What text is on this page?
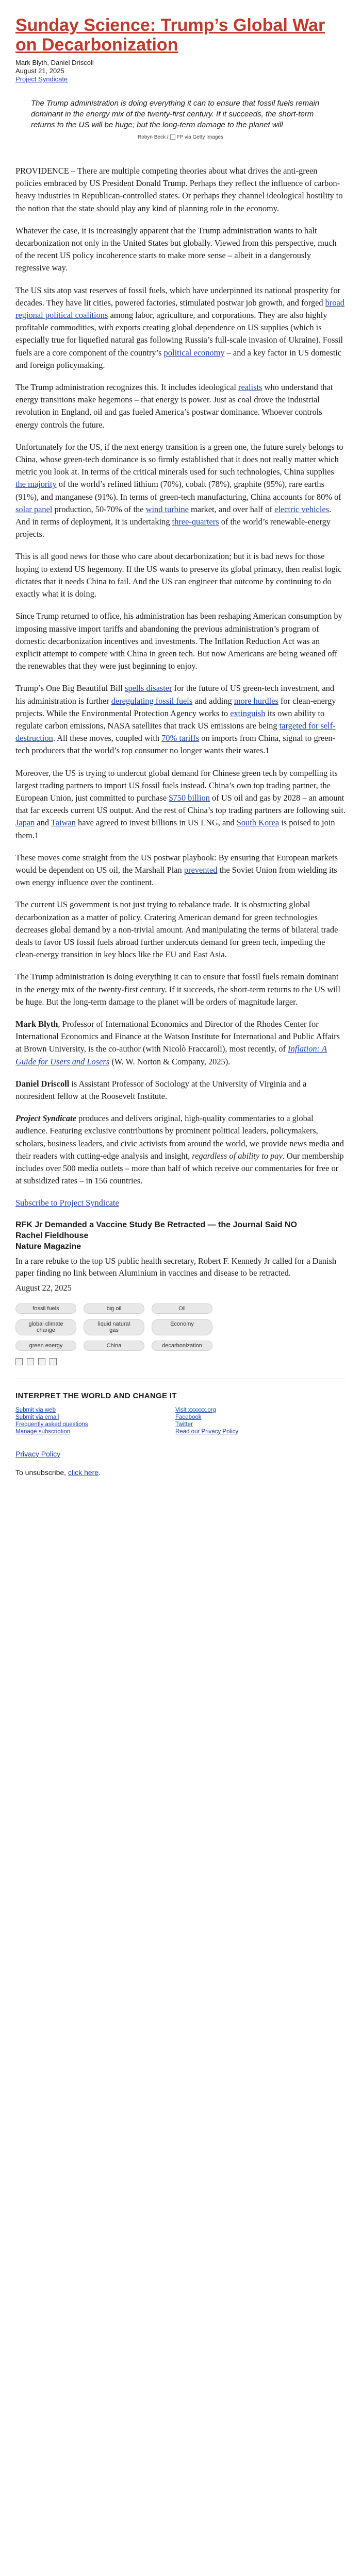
Sunday Science: Trump’s Global War on Decarbonization
Mark Blyth, Daniel Driscoll
August 21, 2025
Project Syndicate
The Trump administration is doing everything it can to ensure that fossil fuels remain dominant in the energy mix of the twenty-first century. If it succeeds, the short-term returns to the US will be huge; but the long-term damage to the planet will
Robyn Beck / FP via Getty Images

PROVIDENCE – There are multiple competing theories about what drives the anti-green policies embraced by US President Donald Trump. Perhaps they reflect the influence of carbon-heavy industries in Republican-controlled states. Or perhaps they channel ideological hostility to the notion that the state should play any kind of planning role in the economy.

Whatever the case, it is increasingly apparent that the Trump administration wants to halt decarbonization not only in the United States but globally. Viewed from this perspective, much of the recent US policy incoherence starts to make more sense – albeit in a dangerously regressive way.

The US sits atop vast reserves of fossil fuels, which have underpinned its national prosperity for decades. They have lit cities, powered factories, stimulated postwar job growth, and forged broad regional political coalitions among labor, agriculture, and corporations. They are also highly profitable commodities, with exports creating global dependence on US supplies (which is especially true for liquefied natural gas following Russia’s full-scale invasion of Ukraine). Fossil fuels are a core component of the country’s political economy – and a key factor in US domestic and foreign policymaking.

The Trump administration recognizes this. It includes ideological realists who understand that energy transitions make hegemons – that energy is power. Just as coal drove the industrial revolution in England, oil and gas fueled America’s postwar dominance. Whoever controls energy controls the future.

Unfortunately for the US, if the next energy transition is a green one, the future surely belongs to China, whose green-tech dominance is so firmly established that it does not really matter which metric you look at. In terms of the critical minerals used for such technologies, China supplies the majority of the world’s refined lithium (70%), cobalt (78%), graphite (95%), rare earths (91%), and manganese (91%). In terms of green-tech manufacturing, China accounts for 80% of solar panel production, 50-70% of the wind turbine market, and over half of electric vehicles. And in terms of deployment, it is undertaking three-quarters of the world’s renewable-energy projects.

This is all good news for those who care about decarbonization; but it is bad news for those hoping to extend US hegemony. If the US wants to preserve its global primacy, then realist logic dictates that it needs China to fail. And the US can engineer that outcome by continuing to do exactly what it is doing.

Since Trump returned to office, his administration has been reshaping American consumption by imposing massive import tariffs and abandoning the previous administration’s program of domestic decarbonization incentives and investments. The Inflation Reduction Act was an explicit attempt to compete with China in green tech. But now Americans are being weaned off the renewables that they were just beginning to enjoy.

Trump’s One Big Beautiful Bill spells disaster for the future of US green-tech investment, and his administration is further deregulating fossil fuels and adding more hurdles for clean-energy projects. While the Environmental Protection Agency works to extinguish its own ability to regulate carbon emissions, NASA satellites that track US emissions are being targeted for self-destruction. All these moves, coupled with 70% tariffs on imports from China, signal to green-tech producers that the world’s top consumer no longer wants their wares.1

Moreover, the US is trying to undercut global demand for Chinese green tech by compelling its largest trading partners to import US fossil fuels instead. China’s own top trading partner, the European Union, just committed to purchase $750 billion of US oil and gas by 2028 – an amount that far exceeds current US output. And the rest of China’s top trading partners are following suit. Japan and Taiwan have agreed to invest billions in US LNG, and South Korea is poised to join them.1

These moves come straight from the US postwar playbook: By ensuring that European markets would be dependent on US oil, the Marshall Plan prevented the Soviet Union from wielding its own energy influence over the continent.

The current US government is not just trying to rebalance trade. It is obstructing global decarbonization as a matter of policy. Cratering American demand for green technologies decreases global demand by a non-trivial amount. And manipulating the terms of bilateral trade deals to favor US fossil fuels abroad further undercuts demand for green tech, impeding the clean-energy transition in key blocs like the EU and East Asia.

The Trump administration is doing everything it can to ensure that fossil fuels remain dominant in the energy mix of the twenty-first century. If it succeeds, the short-term returns to the US will be huge. But the long-term damage to the planet will be orders of magnitude larger.

Mark Blyth, Professor of International Economics and Director of the Rhodes Center for International Economics and Finance at the Watson Institute for International and Public Affairs at Brown University, is the co-author (with Nicolò Fraccaroli), most recently, of Inflation: A Guide for Users and Losers (W. W. Norton & Company, 2025).

Daniel Driscoll is Assistant Professor of Sociology at the University of Virginia and a nonresident fellow at the Roosevelt Institute.

Project Syndicate produces and delivers original, high-quality commentaries to a global audience. Featuring exclusive contributions by prominent political leaders, policymakers, scholars, business leaders, and civic activists from around the world, we provide news media and their readers with cutting-edge analysis and insight, regardless of ability to pay. Our membership includes over 500 media outlets – more than half of which receive our commentaries for free or at subsidized rates – in 156 countries.

Subscribe to Project Syndicate

RFK Jr Demanded a Vaccine Study Be Retracted — the Journal Said NO
Rachel Fieldhouse
Nature Magazine
In a rare rebuke to the top US public health secretary, Robert F. Kennedy Jr called for a Danish paper finding no link between Aluminium in vaccines and disease to be retracted.
August 22, 2025
fossil fuels	big oil	Oil
global climate change
liquid natural gas
Economy
green energy	China	decarbonization
INTERPRET THE WORLD AND CHANGE IT
Submit via web
Submit via email
Frequently asked questions
Manage subscription
Visit xxxxxx.org
Facebook
Twitter
Read our Privacy Policy

Privacy Policy

To unsubscribe, click here.
